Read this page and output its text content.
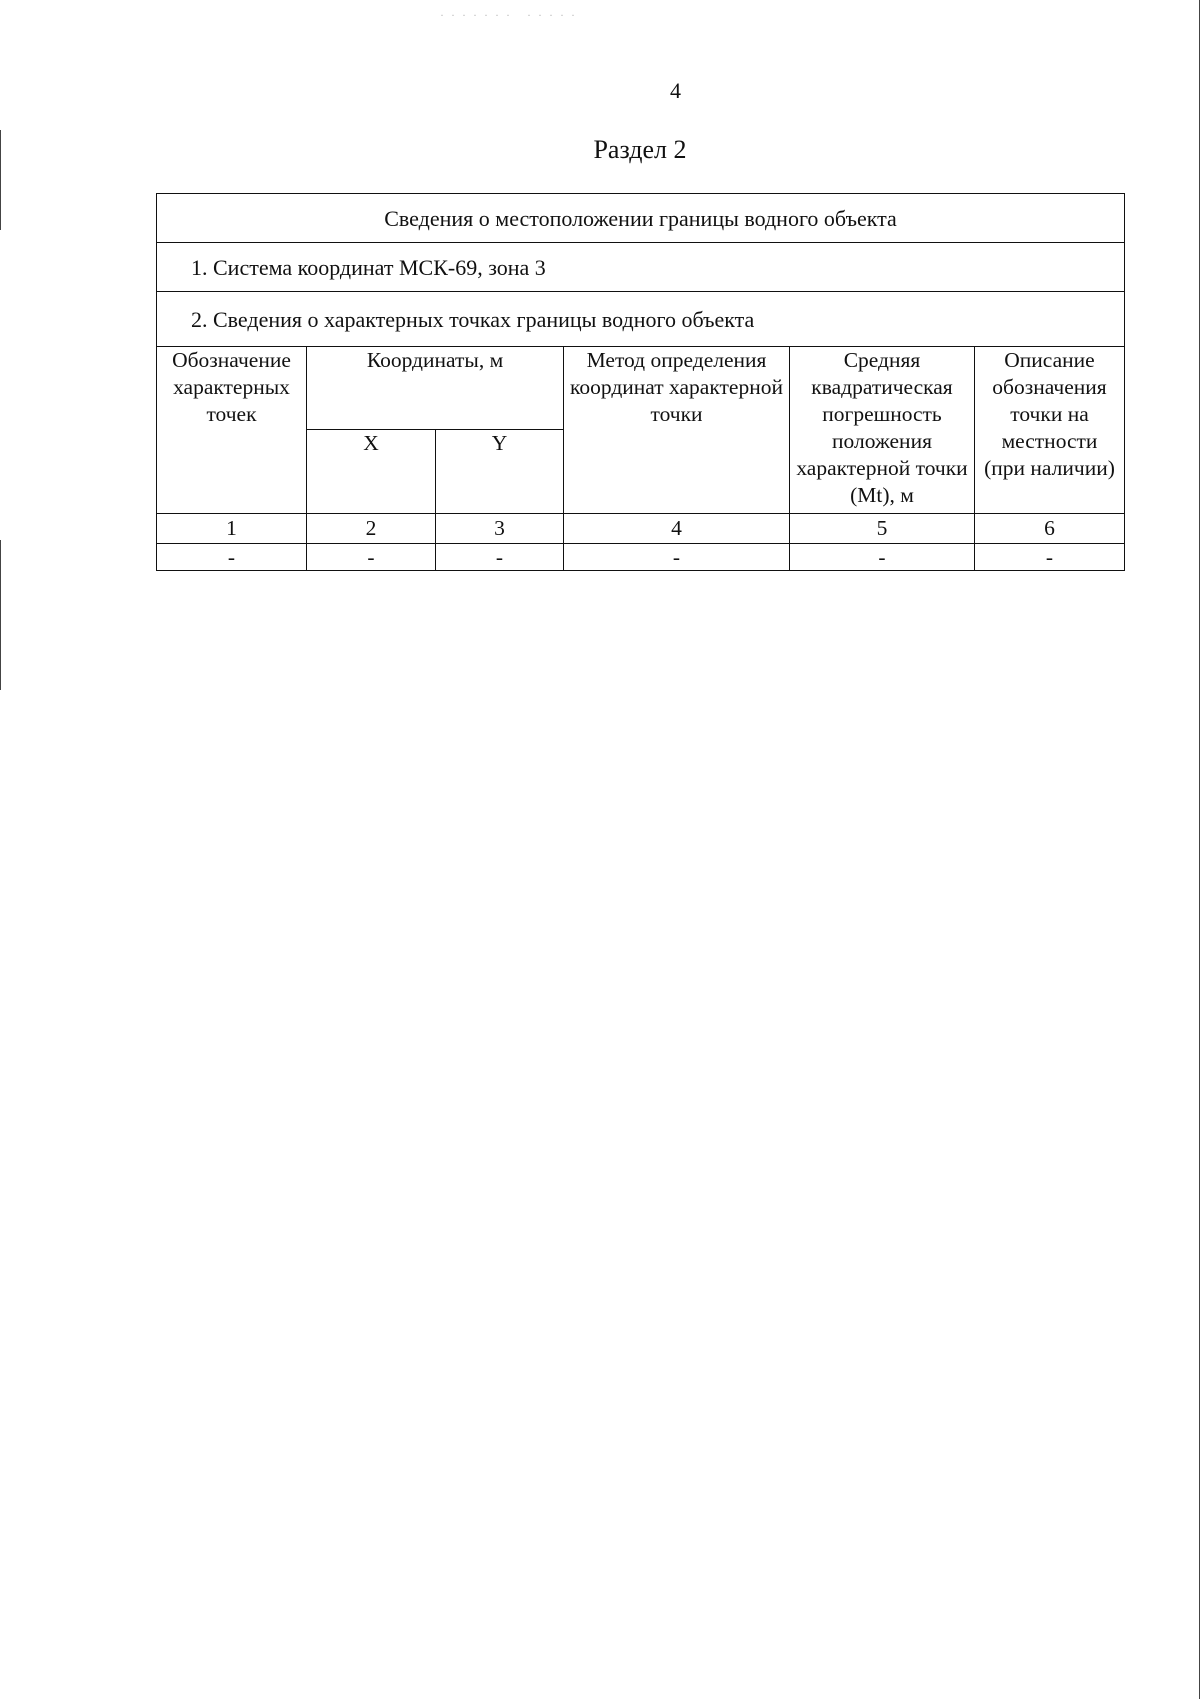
· · · · · · ·   · · · · ·
4
Раздел 2
Сведения о местоположении границы водного объекта					
1. Система координат МСК-69, зона 3					
2. Сведения о характерных точках границы водного объекта					
Обозначение характерных точек	Координаты, м		Метод определения координат характерной точки	Средняя квадратическая погрешность положения характерной точки (Mt), м	Описание обозначения точки на местности (при наличии)
	X	Y			
1	2	3	4	5	6
-	-	-	-	-	-
